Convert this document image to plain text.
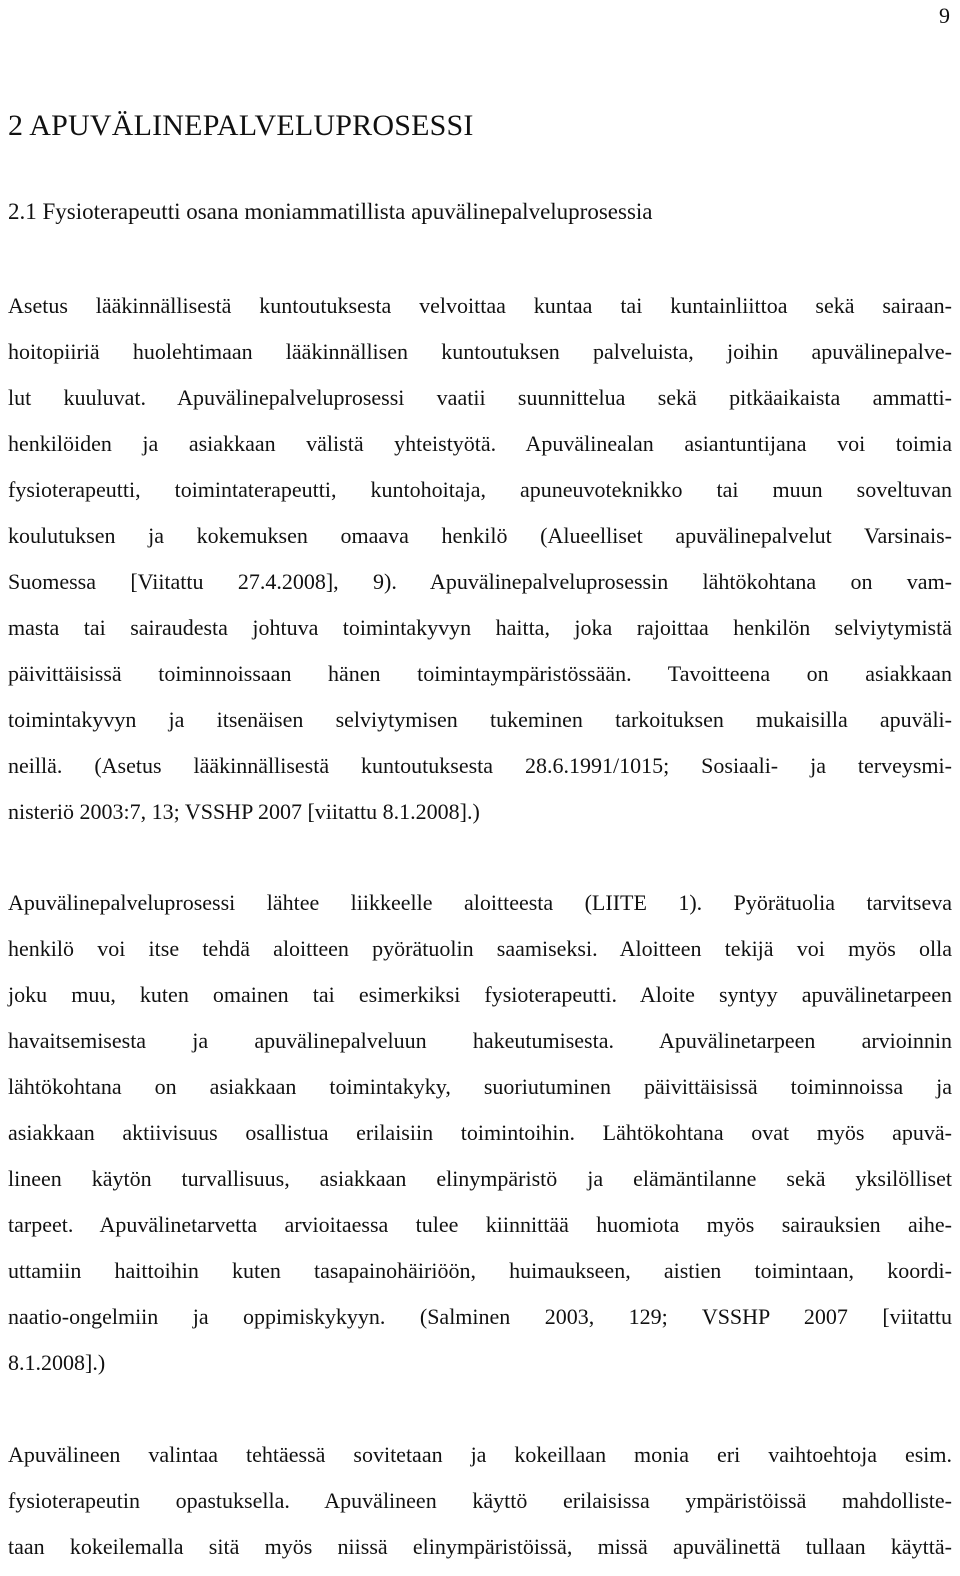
9
2 APUVÄLINEPALVELUPROSESSI
2.1 Fysioterapeutti osana moniammatillista apuvälinepalveluprosessia
Asetus lääkinnällisestä kuntoutuksesta velvoittaa kuntaa tai kuntainliittoa sekä sairaan-
hoitopiiriä huolehtimaan lääkinnällisen kuntoutuksen palveluista, joihin apuvälinepalve-
lut kuuluvat. Apuvälinepalveluprosessi vaatii suunnittelua sekä pitkäaikaista ammatti-
henkilöiden ja asiakkaan välistä yhteistyötä. Apuvälinealan asiantuntijana voi toimia
fysioterapeutti, toimintaterapeutti, kuntohoitaja, apuneuvoteknikko tai muun soveltuvan
koulutuksen ja kokemuksen omaava henkilö (Alueelliset apuvälinepalvelut Varsinais-
Suomessa [Viitattu 27.4.2008], 9). Apuvälinepalveluprosessin lähtökohtana on vam-
masta tai sairaudesta johtuva toimintakyvyn haitta, joka rajoittaa henkilön selviytymistä
päivittäisissä toiminnoissaan hänen toimintaympäristössään. Tavoitteena on asiakkaan
toimintakyvyn ja itsenäisen selviytymisen tukeminen tarkoituksen mukaisilla apuväli-
neillä. (Asetus lääkinnällisestä kuntoutuksesta 28.6.1991/1015; Sosiaali- ja terveysmi-
nisteriö 2003:7, 13; VSSHP 2007 [viitattu 8.1.2008].)
Apuvälinepalveluprosessi lähtee liikkeelle aloitteesta (LIITE 1). Pyörätuolia tarvitseva
henkilö voi itse tehdä aloitteen pyörätuolin saamiseksi. Aloitteen tekijä voi myös olla
joku muu, kuten omainen tai esimerkiksi fysioterapeutti. Aloite syntyy apuvälinetarpeen
havaitsemisesta ja apuvälinepalveluun hakeutumisesta. Apuvälinetarpeen arvioinnin
lähtökohtana on asiakkaan toimintakyky, suoriutuminen päivittäisissä toiminnoissa ja
asiakkaan aktiivisuus osallistua erilaisiin toimintoihin. Lähtökohtana ovat myös apuvä-
lineen käytön turvallisuus, asiakkaan elinympäristö ja elämäntilanne sekä yksilölliset
tarpeet. Apuvälinetarvetta arvioitaessa tulee kiinnittää huomiota myös sairauksien aihe-
uttamiin haittoihin kuten tasapainohäiriöön, huimaukseen, aistien toimintaan, koordi-
naatio-ongelmiin ja oppimiskykyyn. (Salminen 2003, 129; VSSHP 2007 [viitattu
8.1.2008].)
Apuvälineen valintaa tehtäessä sovitetaan ja kokeillaan monia eri vaihtoehtoja esim.
fysioterapeutin opastuksella. Apuvälineen käyttö erilaisissa ympäristöissä mahdolliste-
taan kokeilemalla sitä myös niissä elinympäristöissä, missä apuvälinettä tullaan käyttä-
